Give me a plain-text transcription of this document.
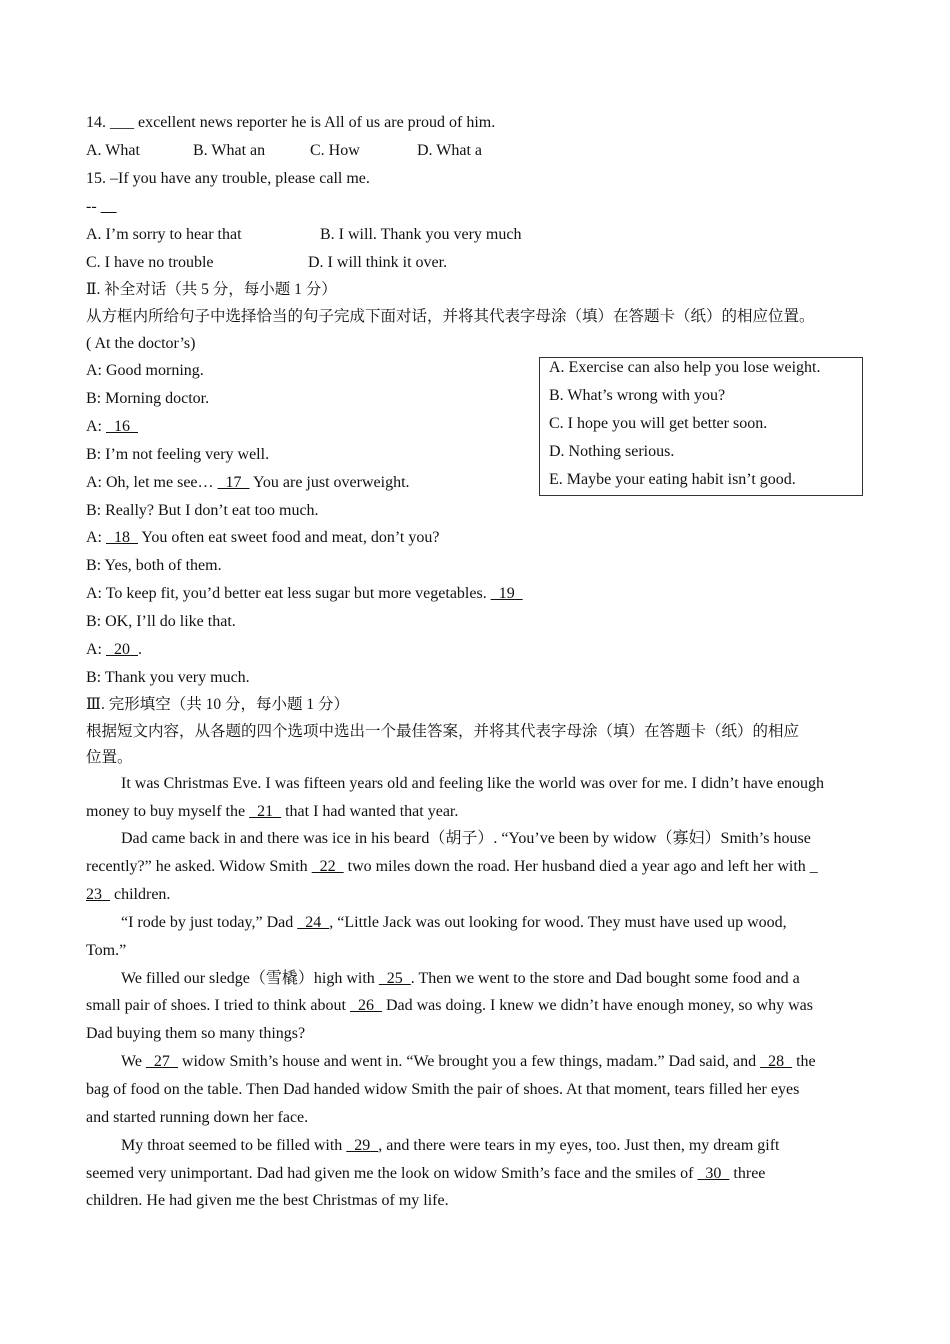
14. ___ excellent news reporter he is All of us are proud of him.
A. What	B. What an	C. How	D. What a
15. –If you have any trouble, please call me.
--
A. I’m sorry to hear that	B. I will. Thank you very much
C. I have no trouble	D. I will think it over.
Ⅱ. 补全对话（共 5 分，每小题 1 分）
从方框内所给句子中选择恰当的句子完成下面对话，并将其代表字母涂（填）在答题卡（纸）的相应位置。
( At the doctor’s)
A. Exercise can also help you lose weight.
B. What’s wrong with you?
C. I hope you will get better soon.
D. Nothing serious.
E. Maybe your eating habit isn’t good.
A: Good morning.
B: Morning doctor.
A:   16
B: I’m not feeling very well.
A: Oh, let me see…   17   You are just overweight.
B: Really? But I don’t eat too much.
A:   18   You often eat sweet food and meat, don’t you?
B: Yes, both of them.
A: To keep fit, you’d better eat less sugar but more vegetables.   19
B: OK, I’ll do like that.
A:   20  .
B: Thank you very much.
Ⅲ. 完形填空（共 10 分，每小题 1 分）
根据短文内容，从各题的四个选项中选出一个最佳答案，并将其代表字母涂（填）在答题卡（纸）的相应
位置。
It was Christmas Eve. I was fifteen years old and feeling like the world was over for me. I didn’t have enough
money to buy myself the   21   that I had wanted that year.
Dad came back in and there was ice in his beard（胡子）. “You’ve been by widow（寡妇）Smith’s house
recently?” he asked. Widow Smith   22   two miles down the road. Her husband died a year ago and left her with _
23   children.
“I rode by just today,” Dad   24  , “Little Jack was out looking for wood. They must have used up wood,
Tom.”
We filled our sledge（雪橇）high with   25  . Then we went to the store and Dad bought some food and a
small pair of shoes. I tried to think about   26   Dad was doing. I knew we didn’t have enough money, so why was
Dad buying them so many things?
We   27   widow Smith’s house and went in. “We brought you a few things, madam.” Dad said, and   28   the
bag of food on the table. Then Dad handed widow Smith the pair of shoes. At that moment, tears filled her eyes
and started running down her face.
My throat seemed to be filled with   29  , and there were tears in my eyes, too. Just then, my dream gift
seemed very unimportant. Dad had given me the look on widow Smith’s face and the smiles of   30   three
children. He had given me the best Christmas of my life.
